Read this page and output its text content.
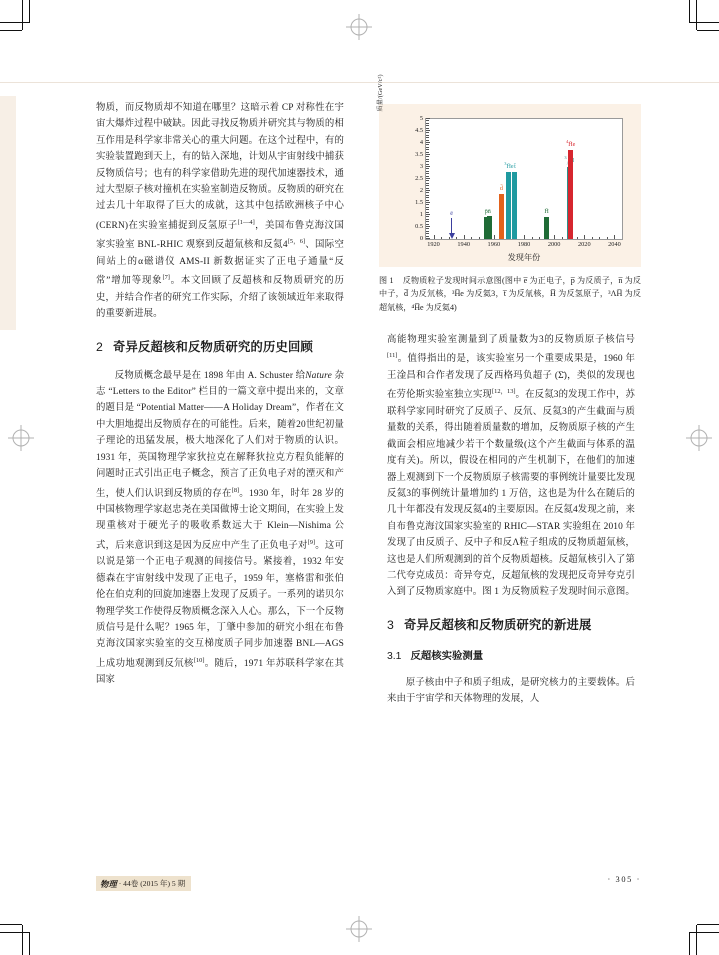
物质，而反物质却不知道在哪里？这暗示着 CP 对称性在宇宙大爆炸过程中破缺。因此寻找反物质并研究其与物质的相互作用是科学家非常关心的重大问题。在这个过程中，有的实验装置跑到天上，有的钻入深地，计划从宇宙射线中捕获反物质信号；也有的科学家借助先进的现代加速器技术，通过大型原子核对撞机在实验室制造反物质。反物质的研究在过去几十年取得了巨大的成就，这其中包括欧洲核子中心(CERN)在实验室捕捉到反氢原子[1—4]，美国布鲁克海汶国家实验室 BNL-RHIC 观察到反超氚核和反氦4[5，6]、国际空间站上的α磁谱仪 AMS-II 新数据证实了正电子通量“反常”增加等现象[7]。本文回顾了反超核和反物质研究的历史，并结合作者的研究工作实际，介绍了该领域近年来取得的重要新进展。

2 奇异反超核和反物质研究的历史回顾

反物质概念最早是在 1898 年由 A. Schuster 给Nature 杂志 “Letters to the Editor” 栏目的一篇文章中提出来的，文章的题目是 “Potential Matter——A Holiday Dream”，作者在文中大胆地提出反物质存在的可能性。后来，随着20世纪初量子理论的迅猛发展，极大地深化了人们对于物质的认识。1931 年，英国物理学家狄拉克在解释狄拉克方程负能解的问题时正式引出正电子概念，预言了正负电子对的湮灭和产生，使人们认识到反物质的存在[8]。1930 年，时年 28 岁的中国核物理学家赵忠尧在美国做博士论文期间，在实验上发现重核对于硬光子的吸收系数远大于 Klein—Nishima 公式，后来意识到这是因为反应中产生了正负电子对[9]。这可以说是第一个正电子观测的间接信号。紧接着，1932 年安德森在宇宙射线中发现了正电子，1959 年，塞格雷和张伯伦在伯克利的回旋加速器上发现了反质子。一系列的诺贝尔物理学奖工作使得反物质概念深入人心。那么，下一个反物质信号是什么呢？1965 年，丁肇中参加的研究小组在布鲁克海汶国家实验室的交互梯度质子同步加速器 BNL—AGS 上成功地观测到反氘核[10]。随后，1971 年苏联科学家在其国家

质量/(GeV/c²)
0
0.5
1
1.5
2
2.5
3
3.5
4
4.5
5
1920	1940	1960	1980	2000	2020	2040
ē	p̄ n̄
d̄
$^3$H̄e t̄
H̄
$^3$
$^4$H̄e
发现年份
图 1 反物质粒子发现时间示意图(图中 e̅ 为正电子，p̅ 为反质子，n̅ 为反中子，d̅ 为反氘核，³H̅e 为反氦3，t̅ 为反氚核，H̅ 为反氢原子，³ΛH̅ 为反超氚核，⁴H̅e 为反氦4)

高能物理实验室测量到了质量数为3的反物质原子核信号[11]。值得指出的是，该实验室另一个重要成果是，1960 年王淦昌和合作者发现了反西格玛负超子 (Σ̄)，类似的发现也在劳伦斯实验室独立实现[12，13]。在反氦3的发现工作中，苏联科学家同时研究了反质子、反氘、反氦3的产生截面与质量数的关系，得出随着质量数的增加，反物质原子核的产生截面会相应地减少若干个数量级(这个产生截面与体系的温度有关)。所以，假设在相同的产生机制下，在他们的加速器上观测到下一个反物质原子核需要的事例统计量要比发现反氦3的事例统计量增加约 1 万倍，这也是为什么在随后的几十年都没有发现反氦4的主要原因。在反氦4发现之前，来自布鲁克海汶国家实验室的 RHIC—STAR 实验组在 2010 年发现了由反质子、反中子和反Λ粒子组成的反物质超氚核，这也是人们所观测到的首个反物质超核。反超氚核引入了第二代夸克成员：奇异夸克，反超氚核的发现把反奇异夸克引入到了反物质家庭中。图 1 为反物质粒子发现时间示意图。

3 奇异反超核和反物质研究的新进展
3.1 反超核实验测量

原子核由中子和质子组成，是研究核力的主要载体。后来由于宇宙学和天体物理的发展，人

物理 · 44卷 (2015 年) 5 期	· 305 ·
